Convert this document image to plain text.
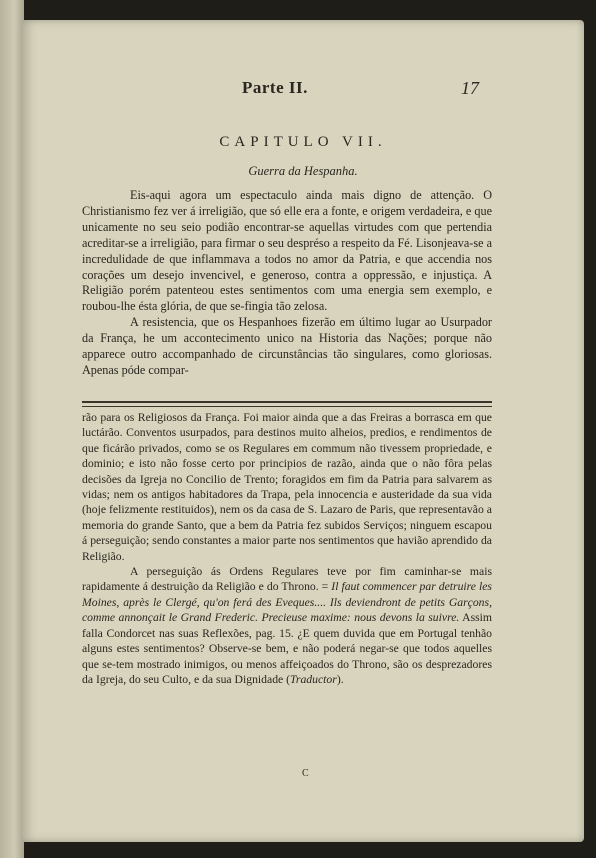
Parte II.	17
CAPITULO VII.
Guerra da Hespanha.

Eis-aqui agora um espectaculo ainda mais digno de attenção. O Christianismo fez ver á irreligião, que só elle era a fonte, e origem verdadeira, e que unicamente no seu seio podião encontrar-se aquellas virtudes com que pertendia acreditar-se a irreligião, para firmar o seu despréso a respeito da Fé. Lisonjeava-se a incredulidade de que inflammava a todos no amor da Patria, e que accendia nos corações um desejo invencivel, e generoso, contra a oppressão, e injustiça. A Religião porém patenteou estes sentimentos com uma energia sem exemplo, e roubou-lhe ésta glória, de que se-fingia tão zelosa.

A resistencia, que os Hespanhoes fizerão em último lugar ao Usurpador da França, he um accontecimento unico na Historia das Nações; porque não apparece outro accompanhado de circunstâncias tão singulares, como gloriosas. Apenas póde compar-

rão para os Religiosos da França. Foi maior ainda que a das Freiras a borrasca em que luctárão. Conventos usurpados, para destinos muito alheios, predios, e rendimentos de que ficárão privados, como se os Regulares em commum não tivessem propriedade, e dominio; e isto não fosse certo por principios de razão, ainda que o não fôra pelas decisões da Igreja no Concilio de Trento; foragidos em fim da Patria para salvarem as vidas; nem os antigos habitadores da Trapa, pela innocencia e austeridade da sua vida (hoje felizmente restituidos), nem os da casa de S. Lazaro de Paris, que representavão a memoria do grande Santo, que a bem da Patria fez subidos Serviços; ninguem escapou á perseguição; sendo constantes a maior parte nos sentimentos que havião aprendido da Religião.

A perseguição ás Ordens Regulares teve por fim caminhar-se mais rapidamente á destruição da Religião e do Throno. = Il faut commencer par detruire les Moines, après le Clergé, qu'on ferá des Eveques.... Ils deviendront de petits Garçons, comme annonçait le Grand Frederic. Precieuse maxime: nous devons la suivre. Assim falla Condorcet nas suas Reflexões, pag. 15. ¿E quem duvida que em Portugal tenhão alguns estes sentimentos? Observe-se bem, e não poderá negar-se que todos aquelles que se-tem mostrado inimigos, ou menos affeiçoados do Throno, são os desprezadores da Igreja, do seu Culto, e da sua Dignidade (Traductor).

C
